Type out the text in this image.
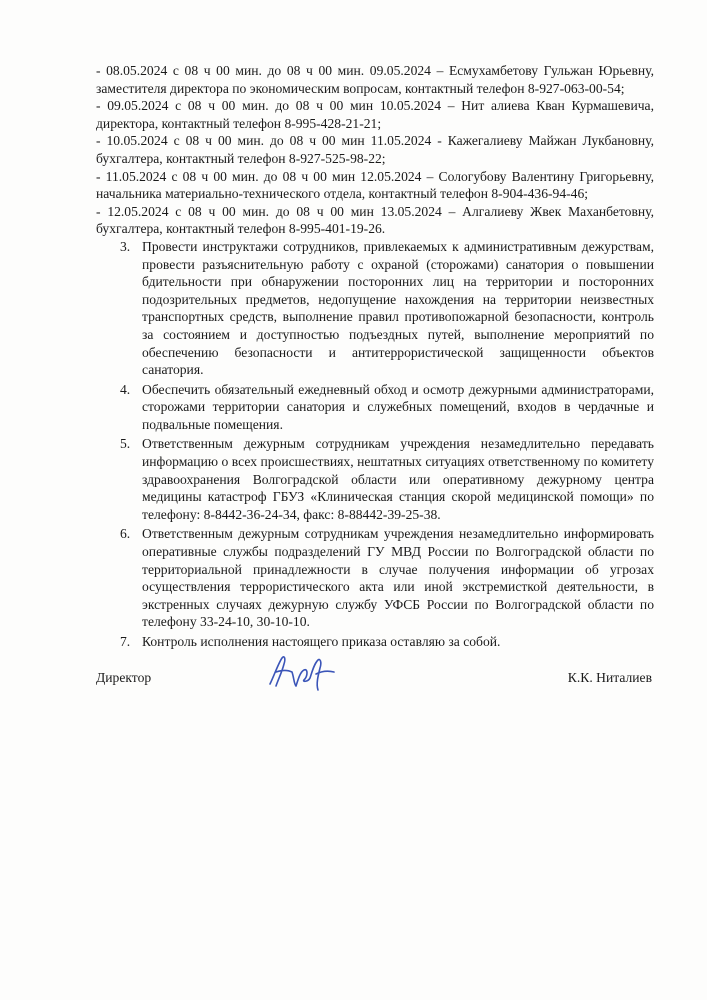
- 08.05.2024 с 08 ч 00 мин. до 08 ч 00 мин. 09.05.2024 – Есмухамбетову Гульжан Юрьевну, заместителя директора по экономическим вопросам, контактный телефон 8-927-063-00-54;

- 09.05.2024 с 08 ч 00 мин. до 08 ч 00 мин 10.05.2024 – Нит алиева Кван Курмашевича, директора, контактный телефон 8-995-428-21-21;

- 10.05.2024 с 08 ч 00 мин. до 08 ч 00 мин 11.05.2024 - Кажегалиеву Майжан Лукбановну, бухгалтера, контактный телефон 8-927-525-98-22;

- 11.05.2024 с 08 ч 00 мин. до 08 ч 00 мин 12.05.2024 – Сологубову Валентину Григорьевну, начальника материально-технического отдела, контактный телефон 8-904-436-94-46;

- 12.05.2024 с 08 ч 00 мин. до 08 ч 00 мин 13.05.2024 – Алгалиеву Жвек Маханбетовну, бухгалтера, контактный телефон 8-995-401-19-26.

3. Провести инструктажи сотрудников, привлекаемых к административным дежурствам, провести разъяснительную работу с охраной (сторожами) санатория о повышении бдительности при обнаружении посторонних лиц на территории и посторонних подозрительных предметов, недопущение нахождения на территории неизвестных транспортных средств, выполнение правил противопожарной безопасности, контроль за состоянием и доступностью подъездных путей, выполнение мероприятий по обеспечению безопасности и антитеррористической защищенности объектов санатория.
4. Обеспечить обязательный ежедневный обход и осмотр дежурными администраторами, сторожами территории санатория и служебных помещений, входов в чердачные и подвальные помещения.
5. Ответственным дежурным сотрудникам учреждения незамедлительно передавать информацию о всех происшествиях, нештатных ситуациях ответственному по комитету здравоохранения Волгоградской области или оперативному дежурному центра медицины катастроф ГБУЗ «Клиническая станция скорой медицинской помощи» по телефону: 8-8442-36-24-34, факс: 8-88442-39-25-38.
6. Ответственным дежурным сотрудникам учреждения незамедлительно информировать оперативные службы подразделений ГУ МВД России по Волгоградской области по территориальной принадлежности в случае получения информации об угрозах осуществления террористического акта или иной экстремисткой деятельности, в экстренных случаях дежурную службу УФСБ России по Волгоградской области по телефону 33-24-10, 30-10-10.
7. Контроль исполнения настоящего приказа оставляю за собой.
Директор	К.К. Ниталиев
